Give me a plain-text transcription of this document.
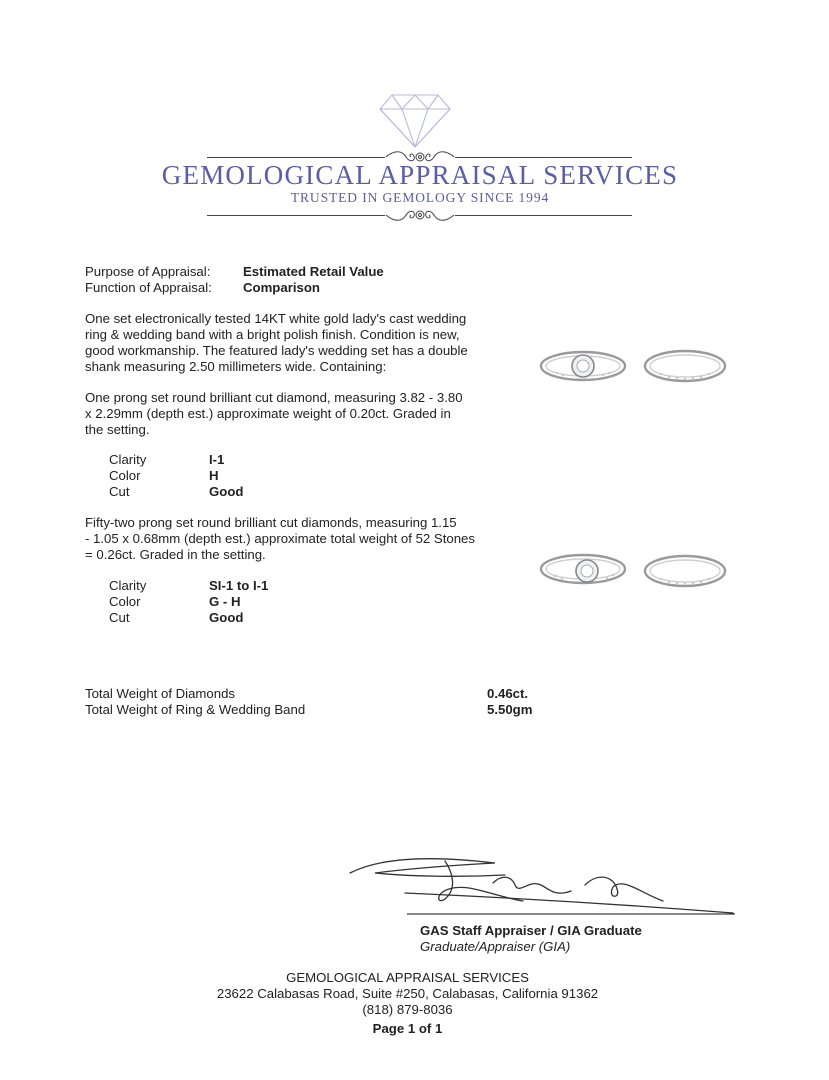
GEMOLOGICAL APPRAISAL SERVICES
TRUSTED IN GEMOLOGY SINCE 1994
Purpose of Appraisal: Estimated Retail Value
Function of Appraisal: Comparison
One set electronically tested 14KT white gold lady's cast wedding
ring & wedding band with a bright polish finish. Condition is new,
good workmanship. The featured lady's wedding set has a double
shank measuring 2.50 millimeters wide. Containing:
One prong set round brilliant cut diamond, measuring 3.82 - 3.80
x 2.29mm (depth est.) approximate weight of 0.20ct. Graded in
the setting.
Clarity	I-1
Color	H
Cut	Good
Fifty-two prong set round brilliant cut diamonds, measuring 1.15
- 1.05 x 0.68mm (depth est.) approximate total weight of 52 Stones
= 0.26ct. Graded in the setting.
Clarity	SI-1 to I-1
Color	G - H
Cut	Good
Total Weight of Diamonds	0.46ct.
Total Weight of Ring & Wedding Band	5.50gm
GAS Staff Appraiser / GIA Graduate
Graduate/Appraiser (GIA)
GEMOLOGICAL APPRAISAL SERVICES
23622 Calabasas Road, Suite #250, Calabasas, California 91362
(818) 879-8036
Page 1 of 1
